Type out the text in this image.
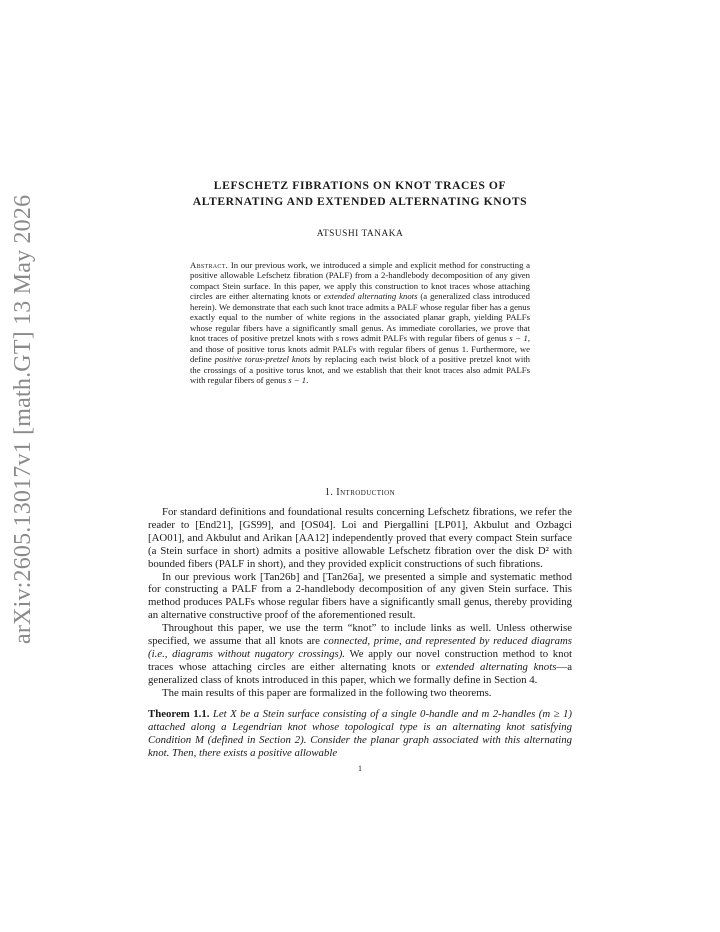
arXiv:2605.13017v1 [math.GT] 13 May 2026
LEFSCHETZ FIBRATIONS ON KNOT TRACES OF
ALTERNATING AND EXTENDED ALTERNATING KNOTS
ATSUSHI TANAKA
Abstract. In our previous work, we introduced a simple and explicit method for constructing a positive allowable Lefschetz fibration (PALF) from a 2-handlebody decomposition of any given compact Stein surface. In this paper, we apply this construction to knot traces whose attaching circles are either alternating knots or extended alternating knots (a generalized class introduced herein). We demonstrate that each such knot trace admits a PALF whose regular fiber has a genus exactly equal to the number of white regions in the associated planar graph, yielding PALFs whose regular fibers have a significantly small genus. As immediate corollaries, we prove that knot traces of positive pretzel knots with s rows admit PALFs with regular fibers of genus s − 1, and those of positive torus knots admit PALFs with regular fibers of genus 1. Furthermore, we define positive torus-pretzel knots by replacing each twist block of a positive pretzel knot with the crossings of a positive torus knot, and we establish that their knot traces also admit PALFs with regular fibers of genus s − 1.
1. Introduction

For standard definitions and foundational results concerning Lefschetz fibrations, we refer the reader to [End21], [GS99], and [OS04]. Loi and Piergallini [LP01], Akbulut and Ozbagci [AO01], and Akbulut and Arikan [AA12] independently proved that every compact Stein surface (a Stein surface in short) admits a positive allowable Lefschetz fibration over the disk D² with bounded fibers (PALF in short), and they provided explicit constructions of such fibrations.

In our previous work [Tan26b] and [Tan26a], we presented a simple and systematic method for constructing a PALF from a 2-handlebody decomposition of any given Stein surface. This method produces PALFs whose regular fibers have a significantly small genus, thereby providing an alternative constructive proof of the aforementioned result.

Throughout this paper, we use the term “knot” to include links as well. Unless otherwise specified, we assume that all knots are connected, prime, and represented by reduced diagrams (i.e., diagrams without nugatory crossings). We apply our novel construction method to knot traces whose attaching circles are either alternating knots or extended alternating knots—a generalized class of knots introduced in this paper, which we formally define in Section 4.

The main results of this paper are formalized in the following two theorems.

Theorem 1.1. Let X be a Stein surface consisting of a single 0-handle and m 2-handles (m ≥ 1) attached along a Legendrian knot whose topological type is an alternating knot satisfying Condition M (defined in Section 2). Consider the planar graph associated with this alternating knot. Then, there exists a positive allowable
1
